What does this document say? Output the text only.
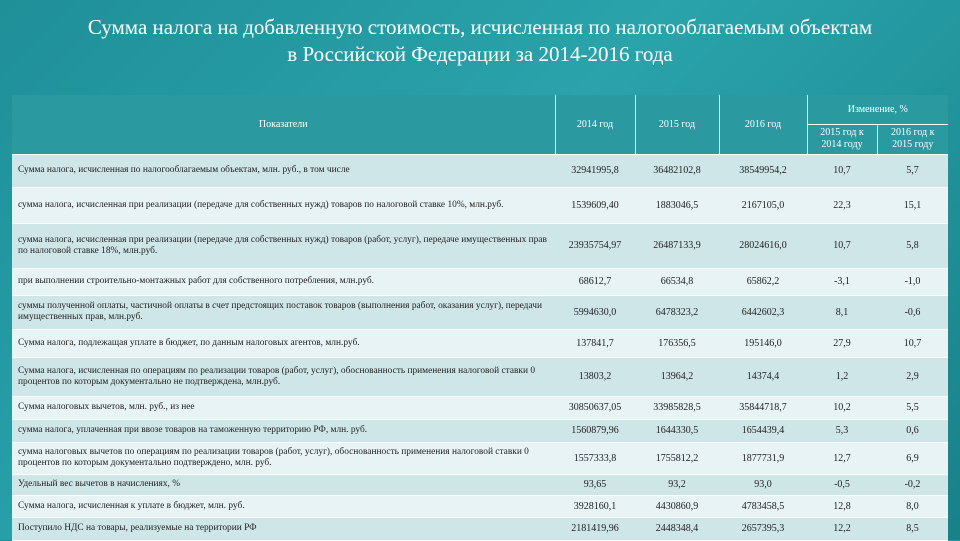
Сумма налога на добавленную стоимость, исчисленная по налогооблагаемым объектам
в Российской Федерации за 2014-2016 года
Показатели	2014 год	2015 год	2016 год	Изменение, %	
				2015 год к 2014 году	2016 год к 2015 году
Сумма налога, исчисленная по налогооблагаемым объектам, млн. руб., в том числе	32941995,8	36482102,8	38549954,2	10,7	5,7
сумма налога, исчисленная при реализации (передаче для собственных нужд) товаров по налоговой ставке 10%, млн.руб.	1539609,40	1883046,5	2167105,0	22,3	15,1
сумма налога, исчисленная при реализации (передаче для собственных нужд) товаров (работ, услуг), передаче имущественных прав по налоговой ставке 18%, млн.руб.	23935754,97	26487133,9	28024616,0	10,7	5,8
при выполнении строительно-монтажных работ для собственного потребления, млн.руб.	68612,7	66534,8	65862,2	-3,1	-1,0
суммы полученной оплаты, частичной оплаты в счет предстоящих поставок товаров (выполнения работ, оказания услуг), передачи имущественных прав, млн.руб.	5994630,0	6478323,2	6442602,3	8,1	-0,6
Сумма налога, подлежащая уплате в бюджет, по данным налоговых агентов, млн.руб.	137841,7	176356,5	195146,0	27,9	10,7
Сумма налога, исчисленная по операциям по реализации товаров (работ, услуг), обоснованность применения налоговой ставки 0 процентов по которым документально не подтверждена, млн.руб.	13803,2	13964,2	14374,4	1,2	2,9
Сумма налоговых вычетов, млн. руб., из нее	30850637,05	33985828,5	35844718,7	10,2	5,5
сумма налога, уплаченная при ввозе товаров на таможенную территорию РФ, млн. руб.	1560879,96	1644330,5	1654439,4	5,3	0,6
сумма налоговых вычетов по операциям по реализации товаров (работ, услуг), обоснованность применения налоговой ставки 0 процентов по которым документально подтверждено, млн. руб.	1557333,8	1755812,2	1877731,9	12,7	6,9
Удельный вес вычетов в начислениях, %	93,65	93,2	93,0	-0,5	-0,2
Сумма налога, исчисленная к уплате в бюджет, млн. руб.	3928160,1	4430860,9	4783458,5	12,8	8,0
Поступило НДС на товары, реализуемые на территории РФ	2181419,96	2448348,4	2657395,3	12,2	8,5
